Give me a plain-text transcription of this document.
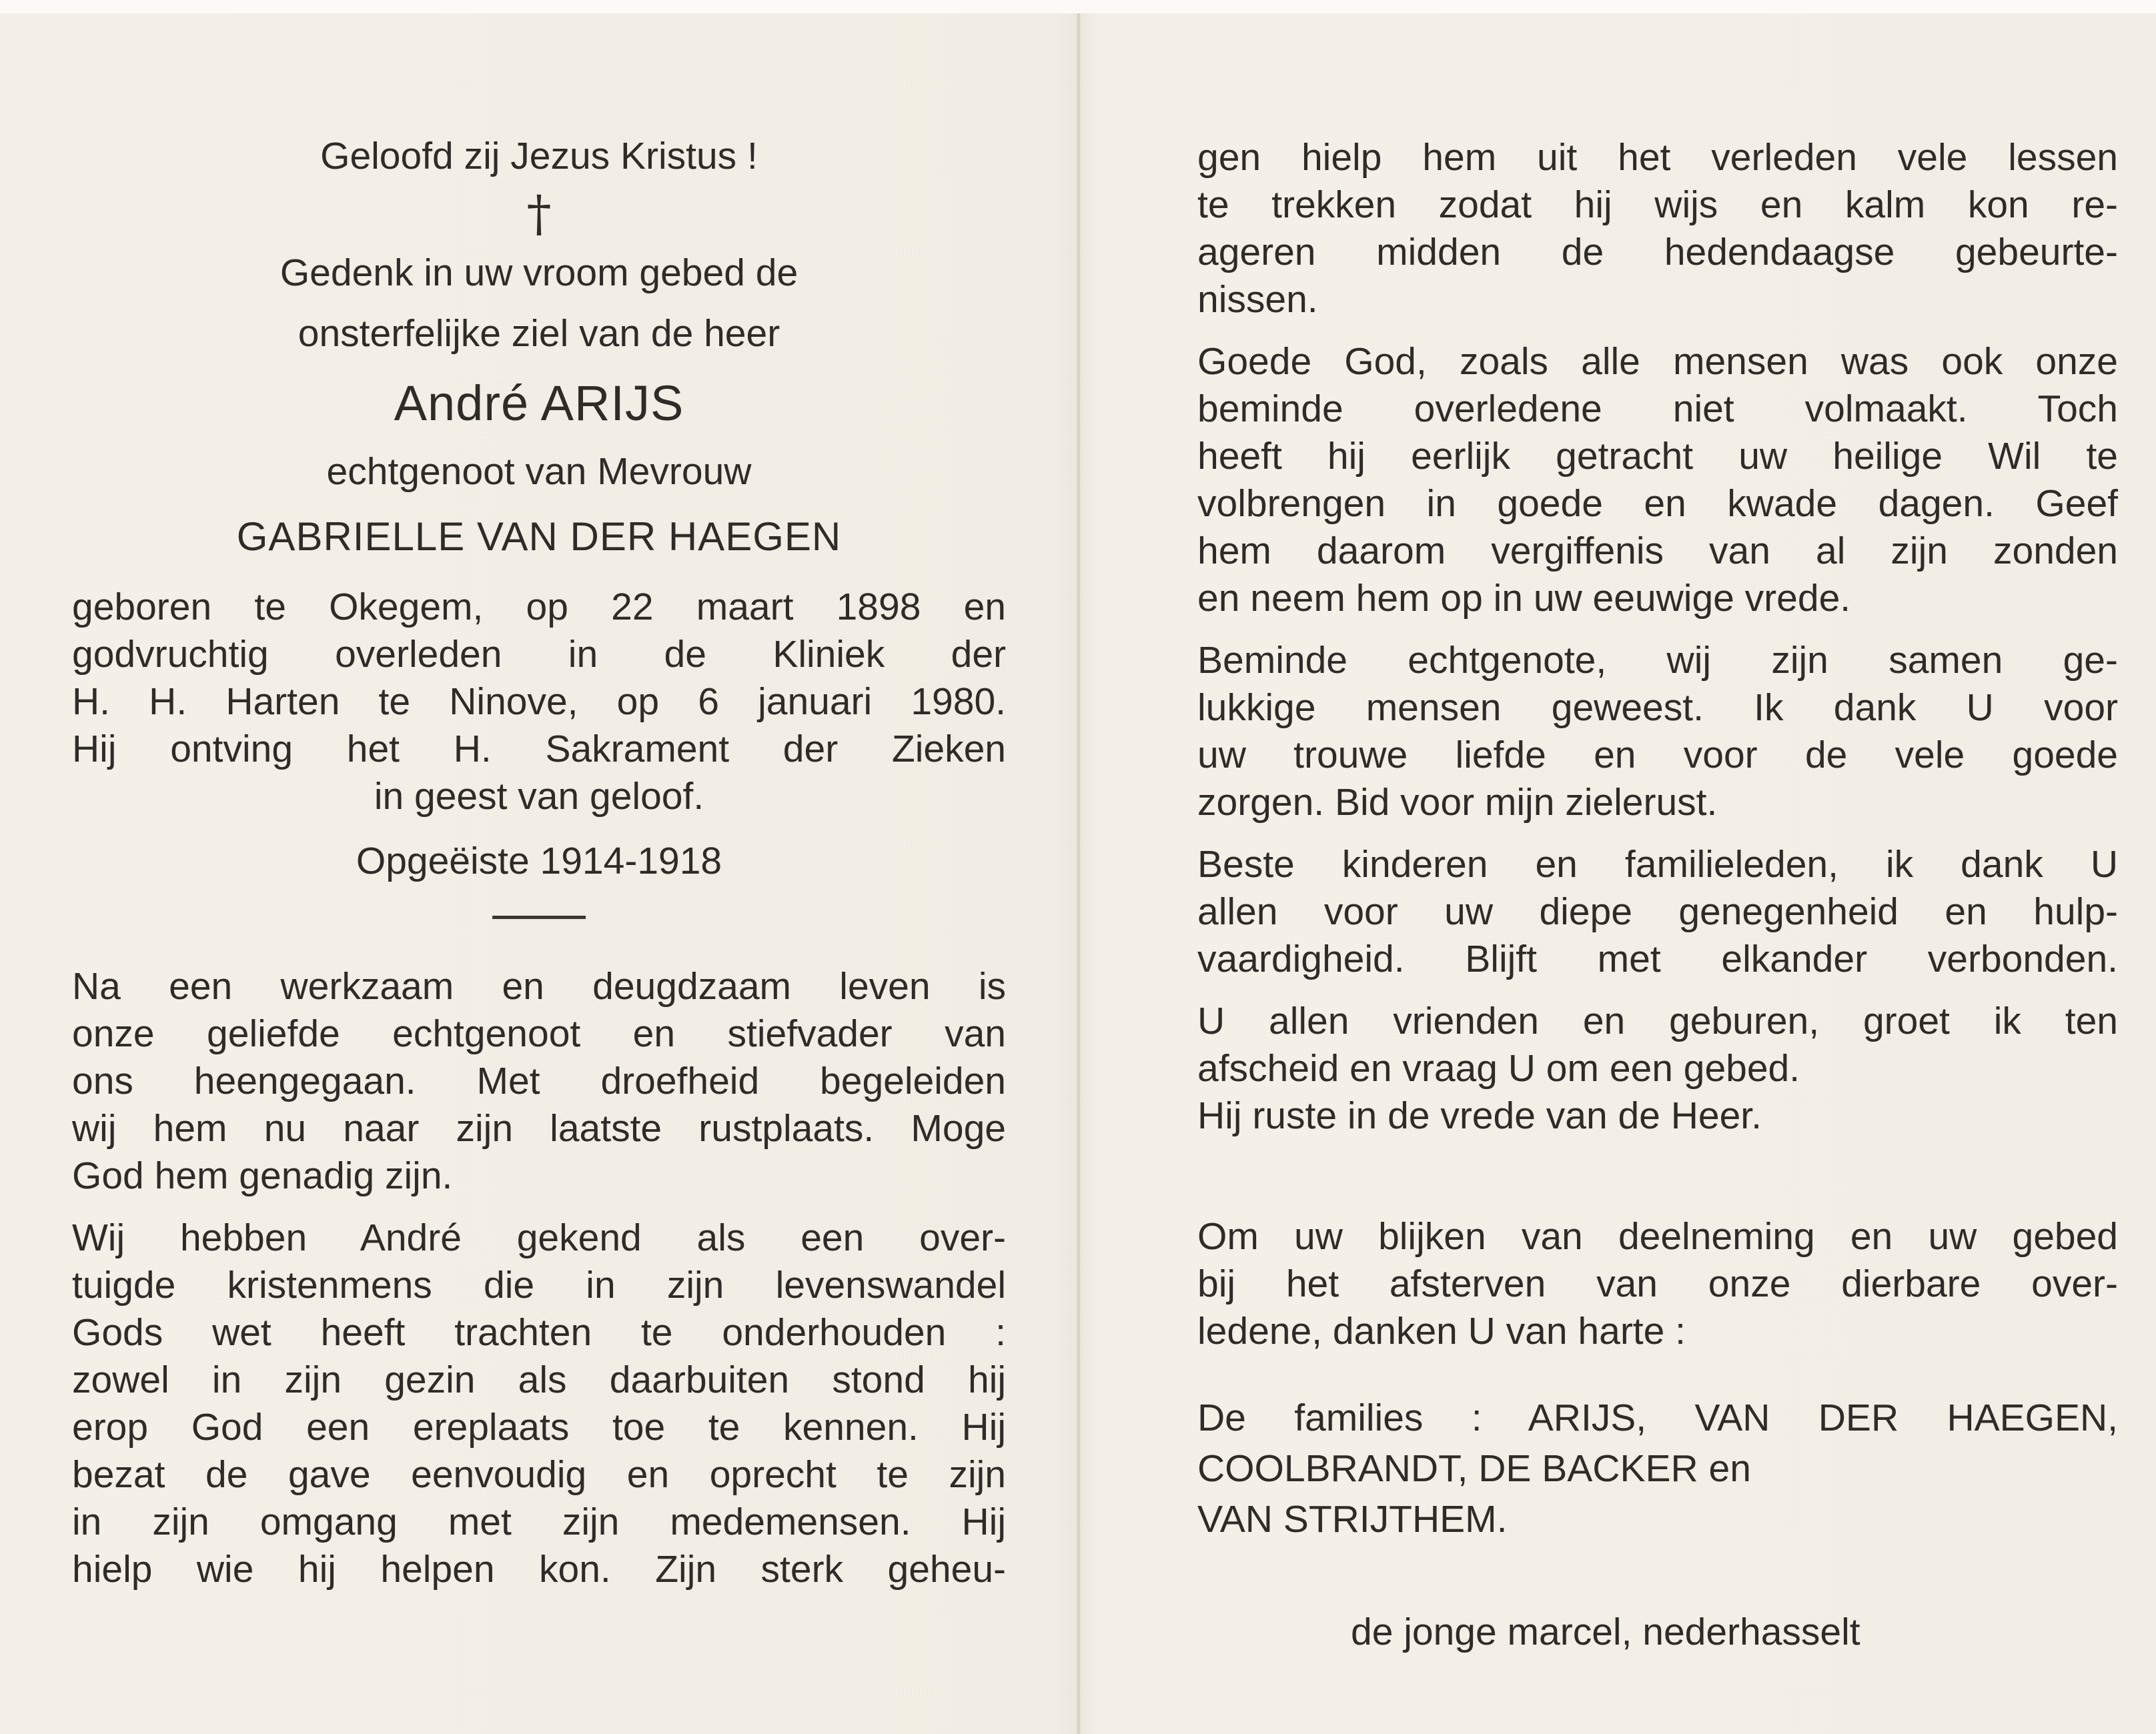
Geloofd zij Jezus Kristus !

†

Gedenk in uw vroom gebed de

onsterfelijke ziel van de heer

André ARIJS

echtgenoot van Mevrouw

GABRIELLE VAN DER HAEGEN

geboren te Okegem, op 22 maart 1898 en

godvruchtig overleden in de Kliniek der

H. H. Harten te Ninove, op 6 januari 1980.

Hij ontving het H. Sakrament der Zieken

in geest van geloof.

Opgeëiste 1914-1918

Na een werkzaam en deugdzaam leven is

onze geliefde echtgenoot en stiefvader van

ons heengegaan. Met droefheid begeleiden

wij hem nu naar zijn laatste rustplaats. Moge

God hem genadig zijn.

Wij hebben André gekend als een over-

tuigde kristenmens die in zijn levenswandel

Gods wet heeft trachten te onderhouden :

zowel in zijn gezin als daarbuiten stond hij

erop God een ereplaats toe te kennen. Hij

bezat de gave eenvoudig en oprecht te zijn

in zijn omgang met zijn medemensen. Hij

hielp wie hij helpen kon. Zijn sterk geheu-

gen hielp hem uit het verleden vele lessen

te trekken zodat hij wijs en kalm kon re-

ageren midden de hedendaagse gebeurte-

nissen.

Goede God, zoals alle mensen was ook onze

beminde overledene niet volmaakt. Toch

heeft hij eerlijk getracht uw heilige Wil te

volbrengen in goede en kwade dagen. Geef

hem daarom vergiffenis van al zijn zonden

en neem hem op in uw eeuwige vrede.

Beminde echtgenote, wij zijn samen ge-

lukkige mensen geweest. Ik dank U voor

uw trouwe liefde en voor de vele goede

zorgen. Bid voor mijn zielerust.

Beste kinderen en familieleden, ik dank U

allen voor uw diepe genegenheid en hulp-

vaardigheid. Blijft met elkander verbonden.

U allen vrienden en geburen, groet ik ten

afscheid en vraag U om een gebed.

Hij ruste in de vrede van de Heer.

Om uw blijken van deelneming en uw gebed

bij het afsterven van onze dierbare over-

ledene, danken U van harte :

De families : ARIJS, VAN DER HAEGEN,

COOLBRANDT, DE BACKER en

VAN STRIJTHEM.

de jonge marcel, nederhasselt
